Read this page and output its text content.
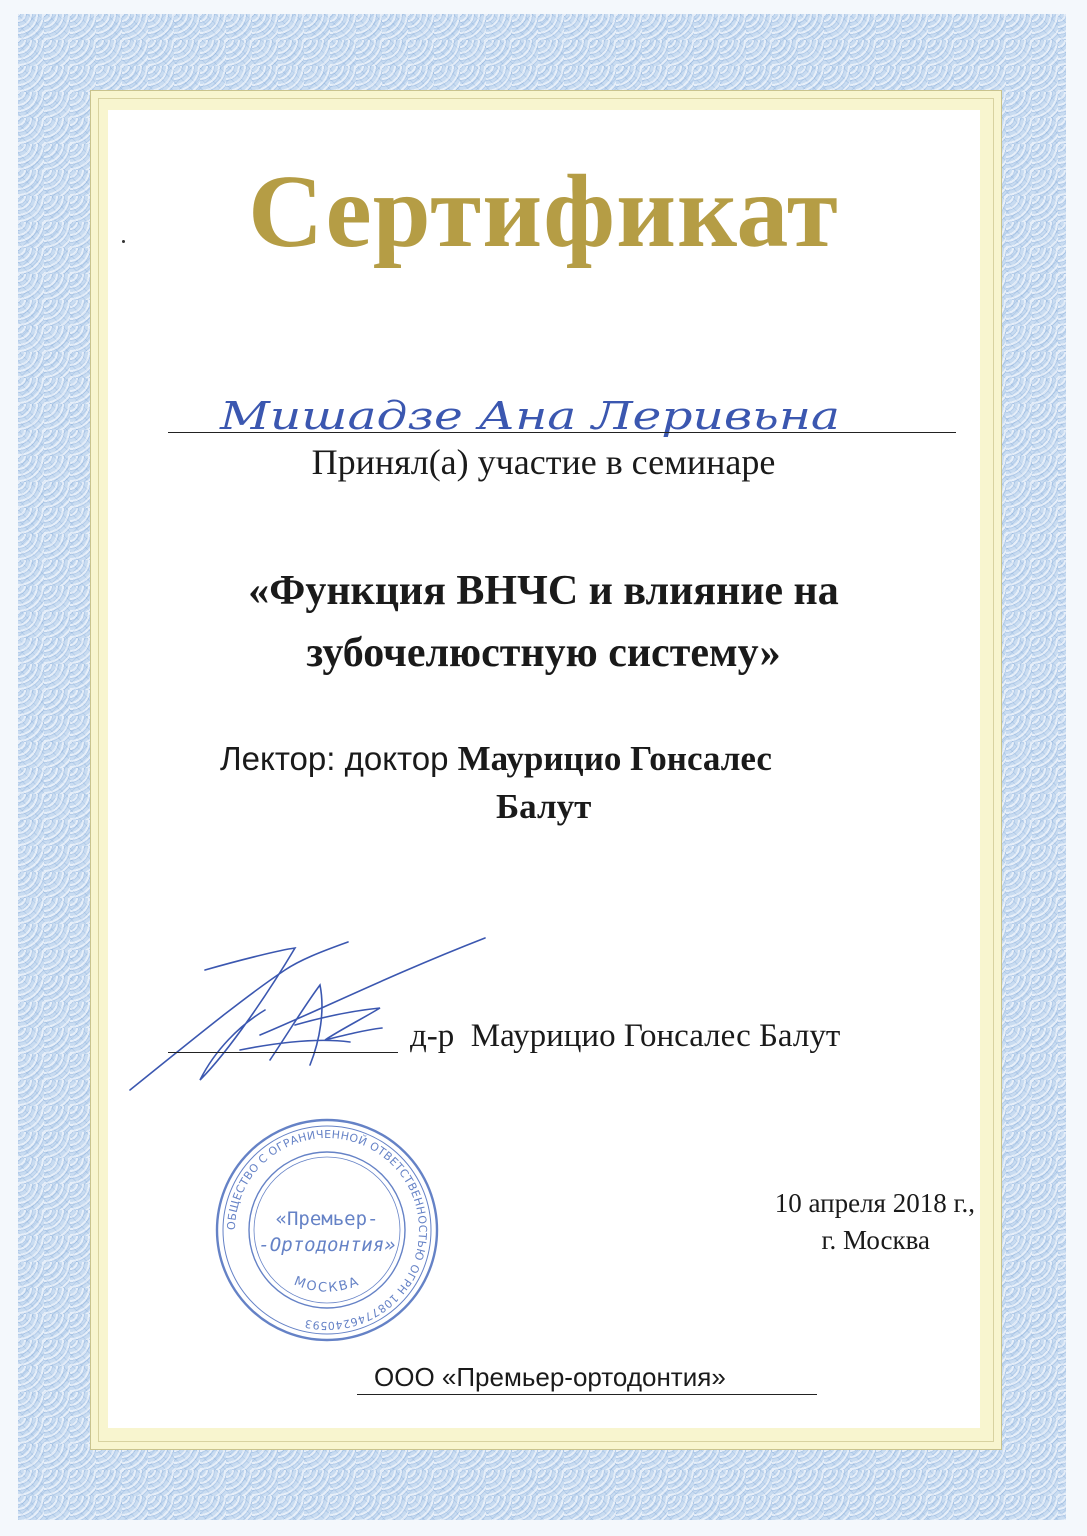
Сертификат
Мишадзе Ана Леривьна
Принял(а) участие в семинаре
«Функция ВНЧС и влияние на
зубочелюстную систему»
Лектор: доктор Маурицио Гонсалес
Балут
д-р  Маурицио Гонсалес Балут
ОБЩЕСТВО С ОГРАНИЧЕННОЙ ОТВЕТСТВЕННОСТЬЮ ОГРН 1087746240593
«Премьер-
-Ортодонтия»
МОСКВА
10 апреля 2018 г.,
г. Москва
ООО «Премьер-ортодонтия»
